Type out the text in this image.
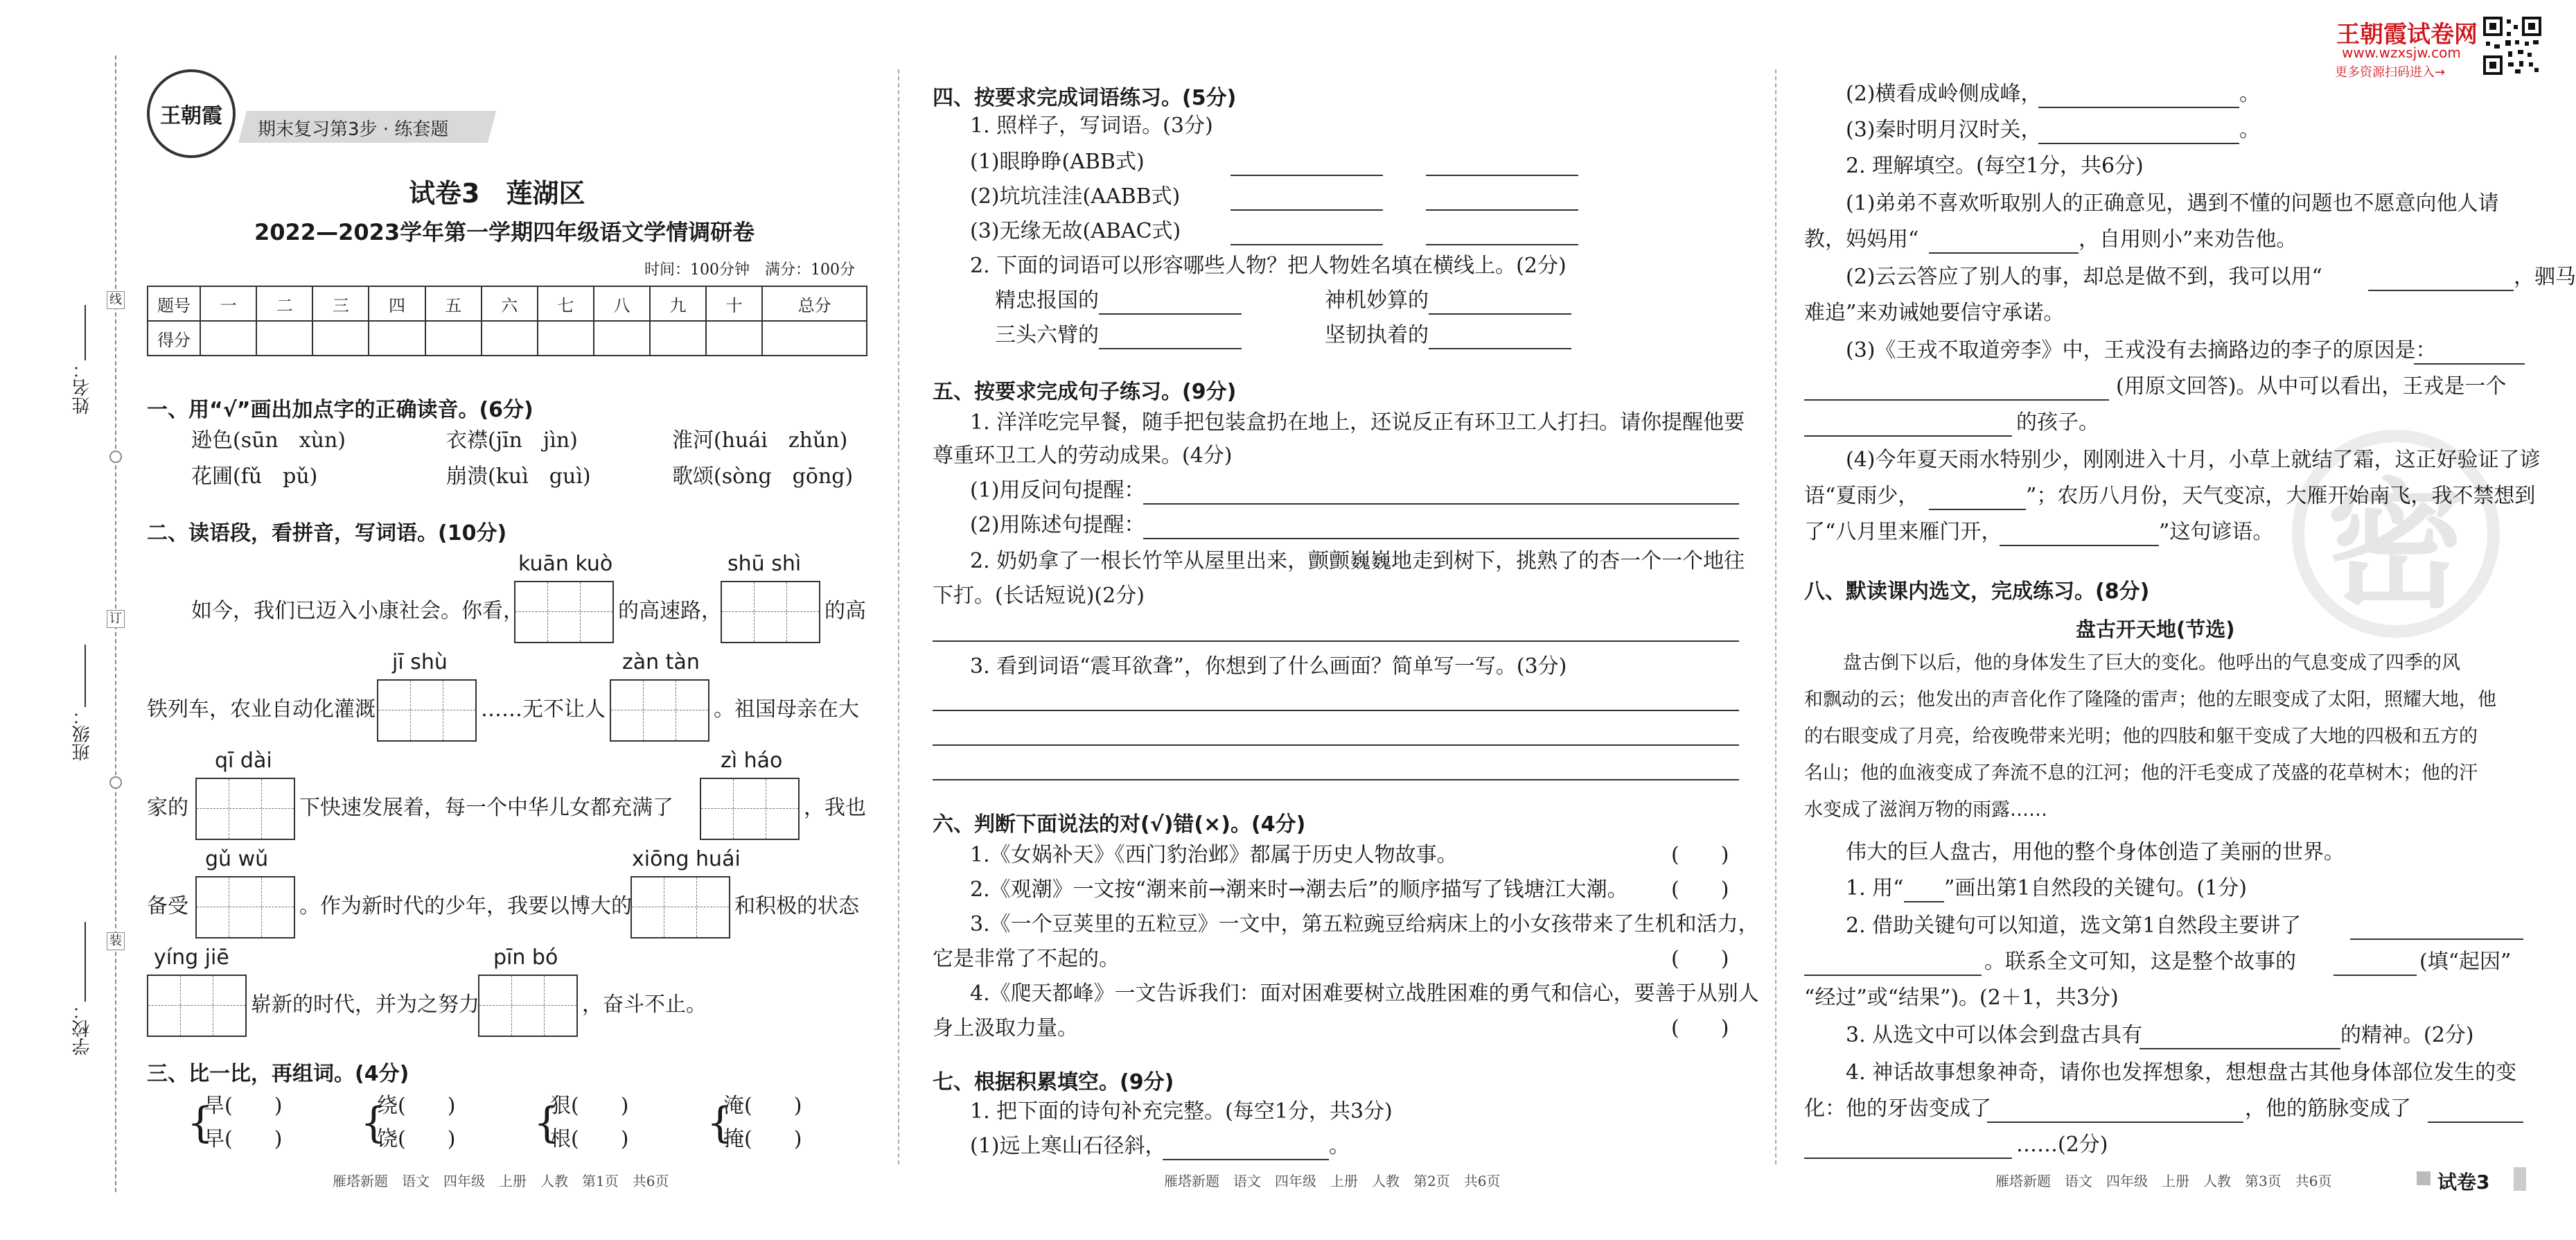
姓名：
班级：
学校：
线
订
装
王朝霞
期末复习第3步 · 练套题
试卷3　莲湖区
2022—2023学年第一学期四年级语文学情调研卷
时间：100分钟　满分：100分
题号	一	二	三	四	五	六	七	八	九	十	总分
得分											
一、用“√”画出加点字的正确读音。(6分)
逊色(sūn　xùn)	衣襟(jīn　jìn)	淮河(huái　zhǔn)
花圃(fǔ　pǔ)	崩溃(kuì　guì)	歌颂(sòng　gōng)
二、读语段，看拼音，写词语。(10分)
kuān kuò	shū shì
如今，我们已迈入小康社会。你看，	的高速路，	的高
jī shù	zàn tàn
铁列车，农业自动化灌溉	……无不让人	。祖国母亲在大
qī dài	zì háo
家的	下快速发展着，每一个中华儿女都充满了	，我也
gǔ wǔ	xiōng huái
备受	。作为新时代的少年，我要以博大的	和积极的状态
yíng jiē	pīn bó
崭新的时代，并为之努力	，奋斗不止。
三、比一比，再组词。(4分)
{
旱(　　)
早(　　) {
绕(　　)
饶(　　) {
狠(　　)
根(　　) {
淹(　　)
掩(　　)
雁塔新题　语文　四年级　上册　人教　第1页　共6页
四、按要求完成词语练习。(5分)
1. 照样子，写词语。(3分)
(1)眼睁睁(ABB式)
(2)坑坑洼洼(AABB式)
(3)无缘无故(ABAC式)
2. 下面的词语可以形容哪些人物？把人物姓名填在横线上。(2分)
精忠报国的	神机妙算的
三头六臂的	坚韧执着的
五、按要求完成句子练习。(9分)
1. 洋洋吃完早餐，随手把包装盒扔在地上，还说反正有环卫工人打扫。请你提醒他要
尊重环卫工人的劳动成果。(4分)
(1)用反问句提醒：
(2)用陈述句提醒：
2. 奶奶拿了一根长竹竿从屋里出来，颤颤巍巍地走到树下，挑熟了的杏一个一个地往
下打。(长话短说)(2分)
3. 看到词语“震耳欲聋”，你想到了什么画面？简单写一写。(3分)
六、判断下面说法的对(√)错(×)。(4分)
1.《女娲补天》《西门豹治邺》都属于历史人物故事。	(　　)
2.《观潮》一文按“潮来前→潮来时→潮去后”的顺序描写了钱塘江大潮。 (　　)
3.《一个豆荚里的五粒豆》一文中，第五粒豌豆给病床上的小女孩带来了生机和活力，
它是非常了不起的。	(　　)
4.《爬天都峰》一文告诉我们：面对困难要树立战胜困难的勇气和信心，要善于从别人
身上汲取力量。	(　　)
七、根据积累填空。(9分)
1. 把下面的诗句补充完整。(每空1分，共3分)
(1)远上寒山石径斜，	。
雁塔新题　语文　四年级　上册　人教　第2页　共6页
王朝霞试卷网
www.wzxsjw.com
更多资源扫码进入→
密
(2)横看成岭侧成峰，	。
(3)秦时明月汉时关，	。
2. 理解填空。(每空1分，共6分)
(1)弟弟不喜欢听取别人的正确意见，遇到不懂的问题也不愿意向他人请
教，妈妈用“	，自用则小”来劝告他。
(2)云云答应了别人的事，却总是做不到，我可以用“	，驷马
难追”来劝诫她要信守承诺。
(3)《王戎不取道旁李》中，王戎没有去摘路边的李子的原因是：
(用原文回答)。从中可以看出，王戎是一个
的孩子。
(4)今年夏天雨水特别少，刚刚进入十月，小草上就结了霜，这正好验证了谚
语“夏雨少，	”；农历八月份，天气变凉，大雁开始南飞，我不禁想到
了“八月里来雁门开，	”这句谚语。
八、默读课内选文，完成练习。(8分)
盘古开天地(节选)
盘古倒下以后，他的身体发生了巨大的变化。他呼出的气息变成了四季的风
和飘动的云；他发出的声音化作了隆隆的雷声；他的左眼变成了太阳，照耀大地，他
的右眼变成了月亮，给夜晚带来光明；他的四肢和躯干变成了大地的四极和五方的
名山；他的血液变成了奔流不息的江河；他的汗毛变成了茂盛的花草树木；他的汗
水变成了滋润万物的雨露……
伟大的巨人盘古，用他的整个身体创造了美丽的世界。
1. 用“ ”画出第1自然段的关键句。(1分)
2. 借助关键句可以知道，选文第1自然段主要讲了
。联系全文可知，这是整个故事的	(填“起因”
“经过”或“结果”)。(2＋1，共3分)
3. 从选文中可以体会到盘古具有	的精神。(2分)
4. 神话故事想象神奇，请你也发挥想象，想想盘古其他身体部位发生的变
化：他的牙齿变成了	，他的筋脉变成了
……(2分)
雁塔新题　语文　四年级　上册　人教　第3页　共6页	试卷3
